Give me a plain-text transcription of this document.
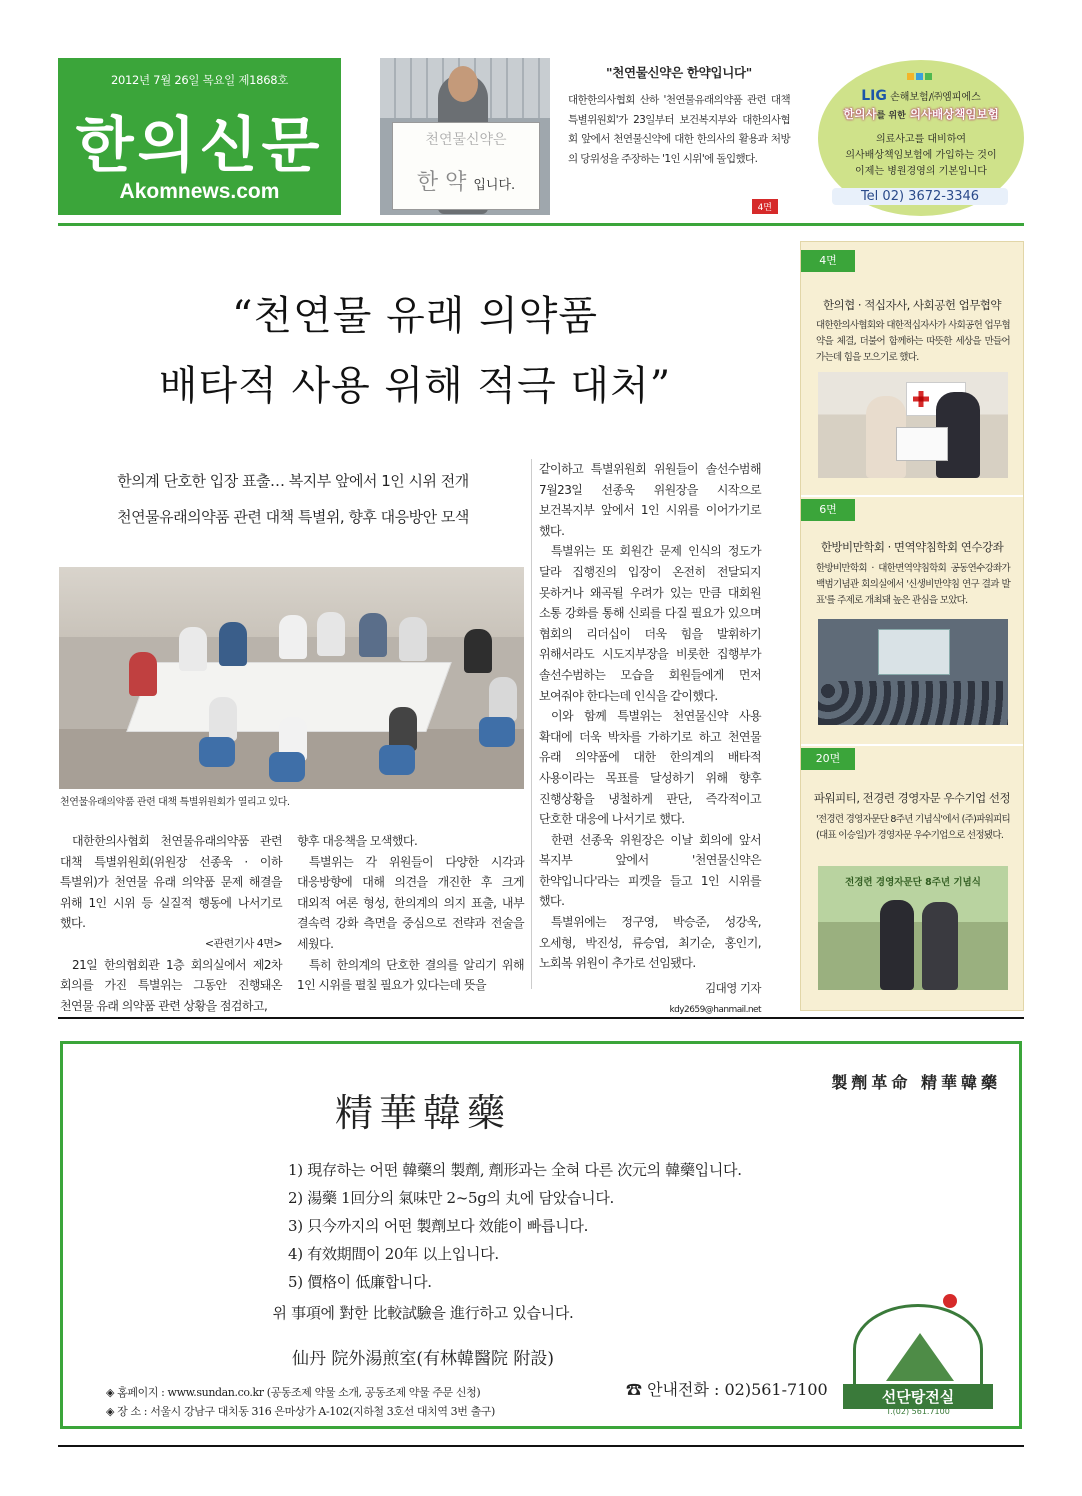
2012년 7월 26일 목요일 제1868호
한의신문
Akomnews.com
천연물신약은
한 약 입니다.
"천연물신약은 한약입니다"

대한한의사협회 산하 '천연물유래의약품 관련 대책특별위원회'가 23일부터 보건복지부와 대한의사협회 앞에서 천연물신약에 대한 한의사의 활용과 처방의 당위성을 주장하는 '1인 시위'에 돌입했다.

4면
LIG 손해보험/㈜엠피에스
한의사를 위한 의사배상책임보험
의료사고를 대비하여
의사배상책임보험에 가입하는 것이
이제는 병원경영의 기본입니다
Tel 02) 3672-3346
“천연물 유래 의약품
배타적 사용 위해 적극 대처”
한의계 단호한 입장 표출… 복지부 앞에서 1인 시위 전개
천연물유래의약품 관련 대책 특별위, 향후 대응방안 모색
천연물유래의약품 관련 대책 특별위원회가 열리고 있다.

대한한의사협회 천연물유래의약품 관련 대책 특별위원회(위원장 선종욱 · 이하 특별위)가 천연물 유래 의약품 문제 해결을 위해 1인 시위 등 실질적 행동에 나서기로 했다.

<관련기사 4면>

21일 한의협회관 1층 회의실에서 제2차 회의를 가진 특별위는 그동안 진행돼온 천연물 유래 의약품 관련 상황을 점검하고,

향후 대응책을 모색했다.

특별위는 각 위원들이 다양한 시각과 대응방향에 대해 의견을 개진한 후 크게 대외적 여론 형성, 한의계의 의지 표출, 내부 결속력 강화 측면을 중심으로 전략과 전술을 세웠다.

특히 한의계의 단호한 결의를 알리기 위해 1인 시위를 펼칠 필요가 있다는데 뜻을

같이하고 특별위원회 위원들이 솔선수범해 7월23일 선종욱 위원장을 시작으로 보건복지부 앞에서 1인 시위를 이어가기로 했다.

특별위는 또 회원간 문제 인식의 정도가 달라 집행진의 입장이 온전히 전달되지 못하거나 왜곡될 우려가 있는 만큼 대회원 소통 강화를 통해 신뢰를 다질 필요가 있으며 협회의 리더십이 더욱 힘을 발휘하기 위해서라도 시도지부장을 비롯한 집행부가 솔선수범하는 모습을 회원들에게 먼저 보여줘야 한다는데 인식을 같이했다.

이와 함께 특별위는 천연물신약 사용 확대에 더욱 박차를 가하기로 하고 천연물 유래 의약품에 대한 한의계의 배타적 사용이라는 목표를 달성하기 위해 향후 진행상황을 냉철하게 판단, 즉각적이고 단호한 대응에 나서기로 했다.

한편 선종욱 위원장은 이날 회의에 앞서 복지부 앞에서 '천연물신약은 한약입니다'라는 피켓을 들고 1인 시위를 했다.

특별위에는 정구영, 박승준, 성강욱, 오세형, 박진성, 류승엽, 최기순, 홍인기, 노회복 위원이 추가로 선임됐다.

김대영 기자
kdy2659@hanmail.net
4면
한의협 · 적십자사, 사회공헌 업무협약
대한한의사협회와 대한적십자사가 사회공헌 업무협약을 체결, 더불어 함께하는 따뜻한 세상을 만들어 가는데 힘을 모으기로 했다.
6면
한방비만학회 · 면역약침학회 연수강좌
한방비만학회 · 대한면역약침학회 공동연수강좌가 백범기념관 회의실에서 '신생비만약침 연구 결과 발표'를 주제로 개최돼 높은 관심을 모았다.
20면
파워피티, 전경련 경영자문 우수기업 선정
'전경련 경영자문단 8주년 기념식'에서 (주)파워피티(대표 이승일)가 경영자문 우수기업으로 선정됐다.
전경련 경영자문단 8주년 기념식
製劑革命 精華韓藥
精華韓藥
1) 現存하는 어떤 韓藥의 製劑, 劑形과는 全혀 다른 次元의 韓藥입니다.
2) 湯藥 1回分의 氣味만 2~5g의 丸에 담았습니다.
3) 只今까지의 어떤 製劑보다 效能이 빠릅니다.
4) 有效期間이 20年 以上입니다.
5) 價格이 低廉합니다.
위 事項에 對한 比較試驗을 進行하고 있습니다.
仙丹 院外湯煎室(有林韓醫院 附設)
◈ 홈페이지 : www.sundan.co.kr (공동조제 약물 소개, 공동조제 약물 주문 신청)
◈ 장 소 : 서울시 강남구 대치동 316 은마상가 A-102(지하철 3호선 대치역 3번 출구)
☎ 안내전화 : 02)561-7100	선단탕전실
T.(02) 561.7100
